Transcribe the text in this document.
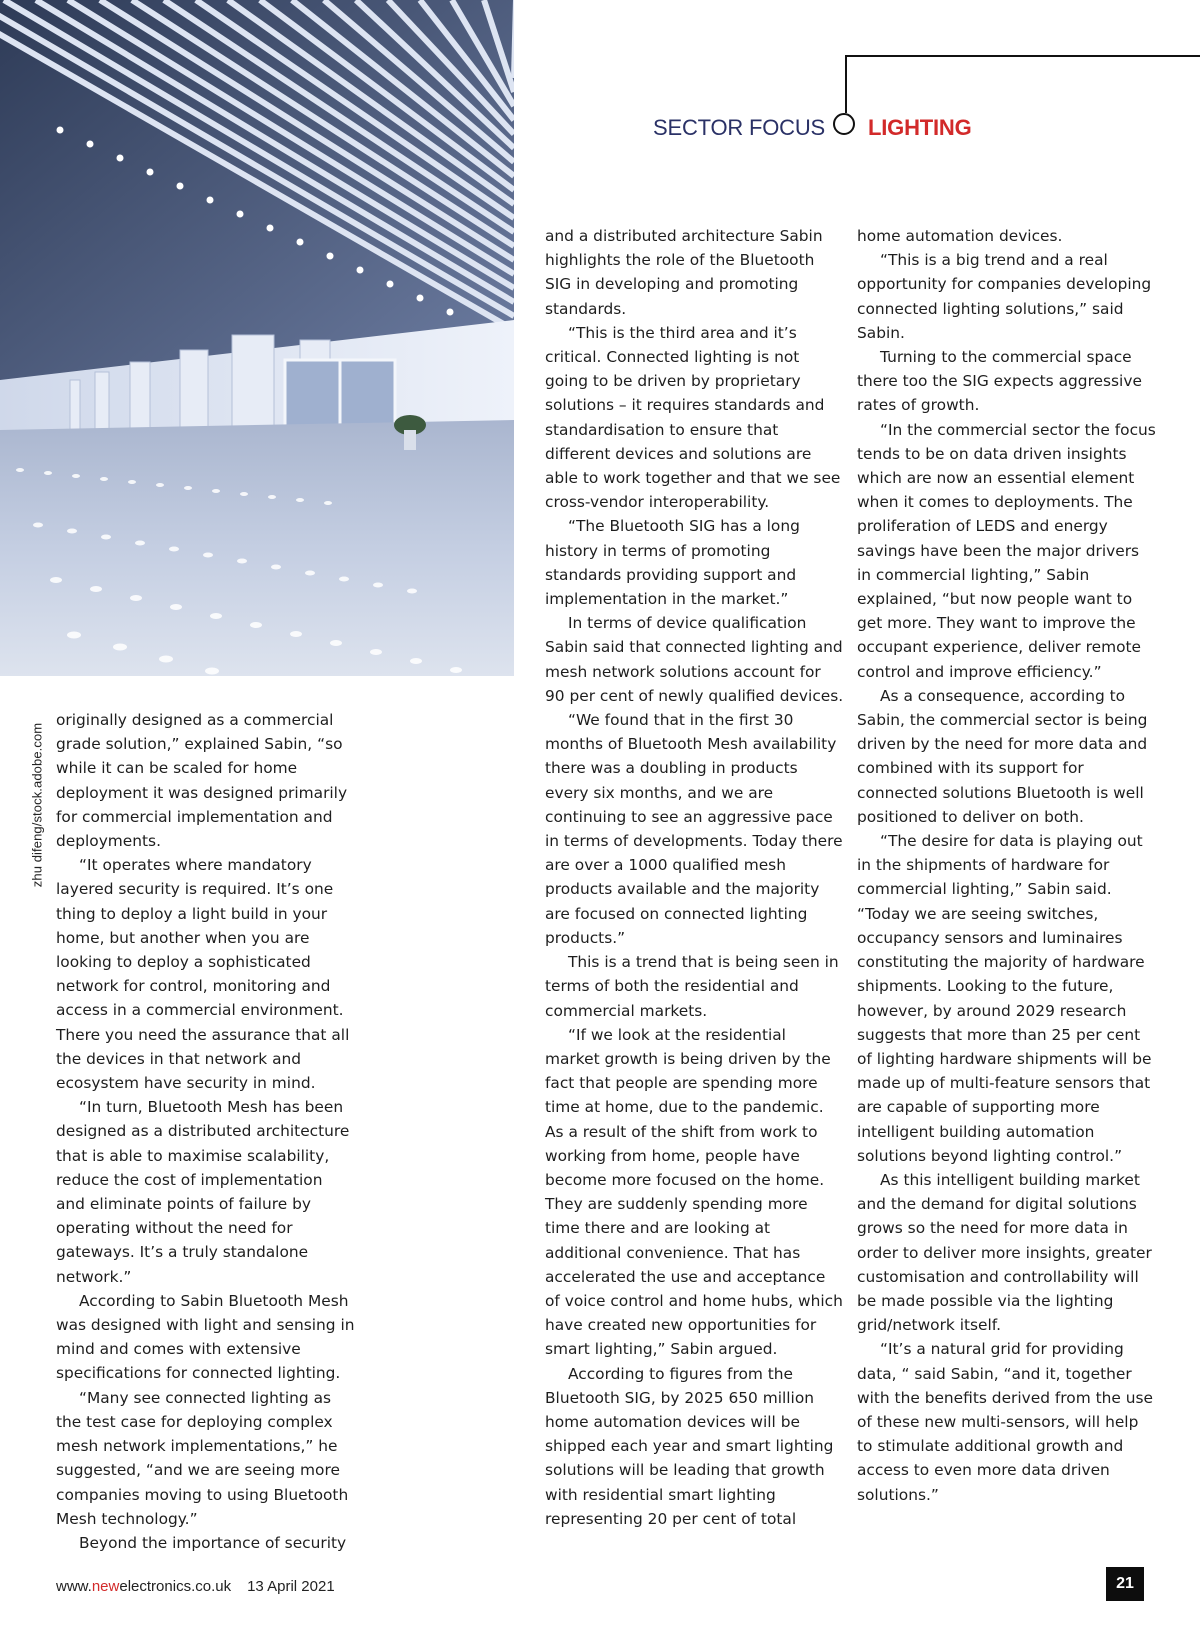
zhu difeng/stock.adobe.com
SECTOR FOCUS LIGHTING

originally designed as a commercial grade solution,” explained Sabin, “so while it can be scaled for home deployment it was designed primarily for commercial implementation and deployments.

“It operates where mandatory layered security is required. It’s one thing to deploy a light build in your home, but another when you are looking to deploy a sophisticated network for control, monitoring and access in a commercial environment. There you need the assurance that all the devices in that network and ecosystem have security in mind.

“In turn, Bluetooth Mesh has been designed as a distributed architecture that is able to maximise scalability, reduce the cost of implementation and eliminate points of failure by operating without the need for gateways. It’s a truly standalone network.”

According to Sabin Bluetooth Mesh was designed with light and sensing in mind and comes with extensive specifications for connected lighting.

“Many see connected lighting as the test case for deploying complex mesh network implementations,” he suggested, “and we are seeing more companies moving to using Bluetooth Mesh technology.”

Beyond the importance of security

and a distributed architecture Sabin highlights the role of the Bluetooth SIG in developing and promoting standards.

“This is the third area and it’s critical. Connected lighting is not going to be driven by proprietary solutions – it requires standards and standardisation to ensure that different devices and solutions are able to work together and that we see cross-vendor interoperability.

“The Bluetooth SIG has a long history in terms of promoting standards providing support and implementation in the market.”

In terms of device qualification Sabin said that connected lighting and mesh network solutions account for 90 per cent of newly qualified devices.

“We found that in the first 30 months of Bluetooth Mesh availability there was a doubling in products every six months, and we are continuing to see an aggressive pace in terms of developments. Today there are over a 1000 qualified mesh products available and the majority are focused on connected lighting products.”

This is a trend that is being seen in terms of both the residential and commercial markets.

“If we look at the residential market growth is being driven by the fact that people are spending more time at home, due to the pandemic. As a result of the shift from work to working from home, people have become more focused on the home. They are suddenly spending more time there and are looking at additional convenience. That has accelerated the use and acceptance of voice control and home hubs, which have created new opportunities for smart lighting,” Sabin argued.

According to figures from the Bluetooth SIG, by 2025 650 million home automation devices will be shipped each year and smart lighting solutions will be leading that growth with residential smart lighting representing 20 per cent of total

home automation devices.

“This is a big trend and a real opportunity for companies developing connected lighting solutions,” said Sabin.

Turning to the commercial space there too the SIG expects aggressive rates of growth.

“In the commercial sector the focus tends to be on data driven insights which are now an essential element when it comes to deployments. The proliferation of LEDS and energy savings have been the major drivers in commercial lighting,” Sabin explained, “but now people want to get more. They want to improve the occupant experience, deliver remote control and improve efficiency.”

As a consequence, according to Sabin, the commercial sector is being driven by the need for more data and combined with its support for connected solutions Bluetooth is well positioned to deliver on both.

“The desire for data is playing out in the shipments of hardware for commercial lighting,” Sabin said. “Today we are seeing switches, occupancy sensors and luminaires constituting the majority of hardware shipments. Looking to the future, however, by around 2029 research suggests that more than 25 per cent of lighting hardware shipments will be made up of multi-feature sensors that are capable of supporting more intelligent building automation solutions beyond lighting control.”

As this intelligent building market and the demand for digital solutions grows so the need for more data in order to deliver more insights, greater customisation and controllability will be made possible via the lighting grid/network itself.

“It’s a natural grid for providing data, “ said Sabin, “and it, together with the benefits derived from the use of these new multi-sensors, will help to stimulate additional growth and access to even more data driven solutions.”

www.newelectronics.co.uk 13 April 2021	21
